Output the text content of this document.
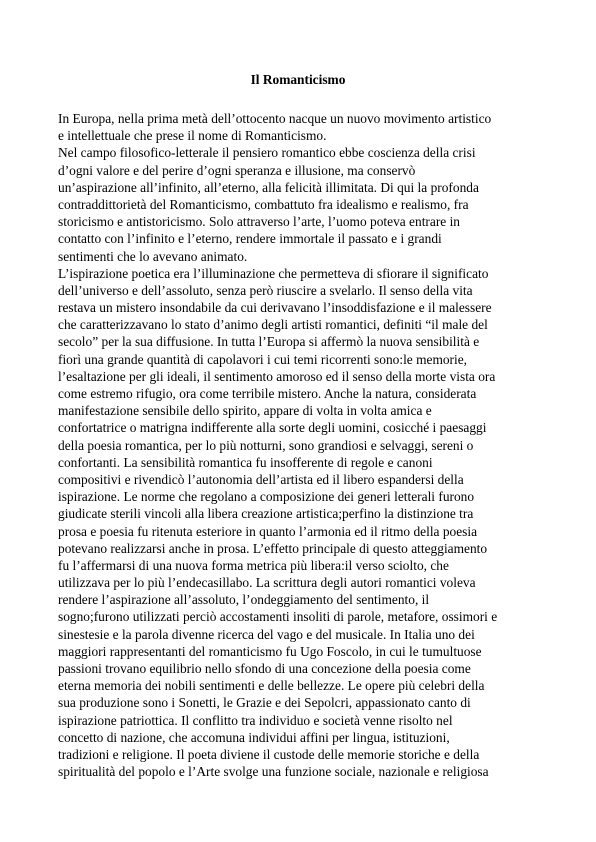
Il Romanticismo
In Europa, nella prima metà dell’ottocento nacque un nuovo movimento artistico
e intellettuale che prese il nome di Romanticismo.
Nel campo filosofico-letterale il pensiero romantico ebbe coscienza della crisi
d’ogni valore e del perire d’ogni speranza e illusione, ma conservò
un’aspirazione all’infinito, all’eterno, alla felicità illimitata. Di qui la profonda
contraddittorietà del Romanticismo, combattuto fra idealismo e realismo, fra
storicismo e antistoricismo. Solo attraverso l’arte, l’uomo poteva entrare in
contatto con l’infinito e l’eterno, rendere immortale il passato e i grandi
sentimenti che lo avevano animato.
L’ispirazione poetica era l’illuminazione che permetteva di sfiorare il significato
dell’universo e dell’assoluto, senza però riuscire a svelarlo. Il senso della vita
restava un mistero insondabile da cui derivavano l’insoddisfazione e il malessere
che caratterizzavano lo stato d’animo degli artisti romantici, definiti “il male del
secolo” per la sua diffusione. In tutta l’Europa si affermò la nuova sensibilità e
fiorì una grande quantità di capolavori i cui temi ricorrenti sono:le memorie,
l’esaltazione per gli ideali, il sentimento amoroso ed il senso della morte vista ora
come estremo rifugio, ora come terribile mistero. Anche la natura, considerata
manifestazione sensibile dello spirito, appare di volta in volta amica e
confortatrice o matrigna indifferente alla sorte degli uomini, cosicché i paesaggi
della poesia romantica, per lo più notturni, sono grandiosi e selvaggi, sereni o
confortanti. La sensibilità romantica fu insofferente di regole e canoni
compositivi e rivendicò l’autonomia dell’artista ed il libero espandersi della
ispirazione. Le norme che regolano a composizione dei generi letterali furono
giudicate sterili vincoli alla libera creazione artistica;perfino la distinzione tra
prosa e poesia fu ritenuta esteriore in quanto l’armonia ed il ritmo della poesia
potevano realizzarsi anche in prosa. L’effetto principale di questo atteggiamento
fu l’affermarsi di una nuova forma metrica più libera:il verso sciolto, che
utilizzava per lo più l’endecasillabo. La scrittura degli autori romantici voleva
rendere l’aspirazione all’assoluto, l’ondeggiamento del sentimento, il
sogno;furono utilizzati perciò accostamenti insoliti di parole, metafore, ossimori e
sinestesie e la parola divenne ricerca del vago e del musicale. In Italia uno dei
maggiori rappresentanti del romanticismo fu Ugo Foscolo, in cui le tumultuose
passioni trovano equilibrio nello sfondo di una concezione della poesia come
eterna memoria dei nobili sentimenti e delle bellezze. Le opere più celebri della
sua produzione sono i Sonetti, le Grazie e dei Sepolcri, appassionato canto di
ispirazione patriottica. Il conflitto tra individuo e società venne risolto nel
concetto di nazione, che accomuna individui affini per lingua, istituzioni,
tradizioni e religione. Il poeta diviene il custode delle memorie storiche e della
spiritualità del popolo e l’Arte svolge una funzione sociale, nazionale e religiosa
